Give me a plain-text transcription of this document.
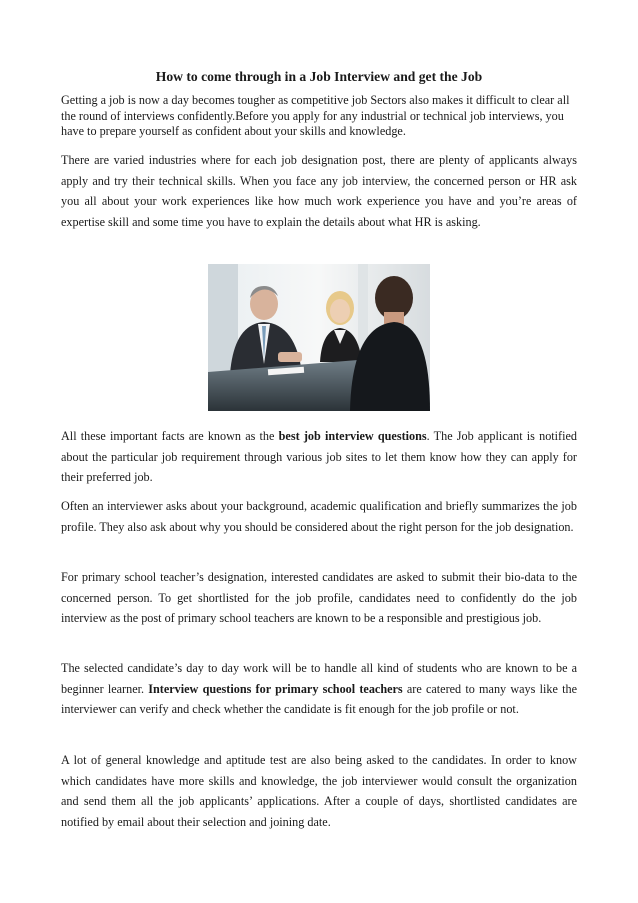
How to come through in a Job Interview and get the Job

Getting a job is now a day becomes tougher as competitive job Sectors also makes it difficult to clear all the round of interviews confidently.Before you apply for any industrial or technical job interviews, you have to prepare yourself as confident about your skills and knowledge.

There are varied industries where for each job designation post, there are plenty of applicants always apply and try their technical skills. When you face any job interview, the concerned person or HR ask you all about your work experiences like how much work experience you have and you’re areas of expertise skill and some time you have to explain the details about what HR is asking.

All these important facts are known as the best job interview questions. The Job applicant is notified about the particular job requirement through various job sites to let them know how they can apply for their preferred job.

Often an interviewer asks about your background, academic qualification and briefly summarizes the job profile. They also ask about why you should be considered about the right person for the job designation.

For primary school teacher’s designation, interested candidates are asked to submit their bio-data to the concerned person. To get shortlisted for the job profile, candidates need to confidently do the job interview as the post of primary school teachers are known to be a responsible and prestigious job.

The selected candidate’s day to day work will be to handle all kind of students who are known to be a beginner learner. Interview questions for primary school teachers are catered to many ways like the interviewer can verify and check whether the candidate is fit enough for the job profile or not.

A lot of general knowledge and aptitude test are also being asked to the candidates. In order to know which candidates have more skills and knowledge, the job interviewer would consult the organization and send them all the job applicants’ applications. After a couple of days, shortlisted candidates are notified by email about their selection and joining date.
